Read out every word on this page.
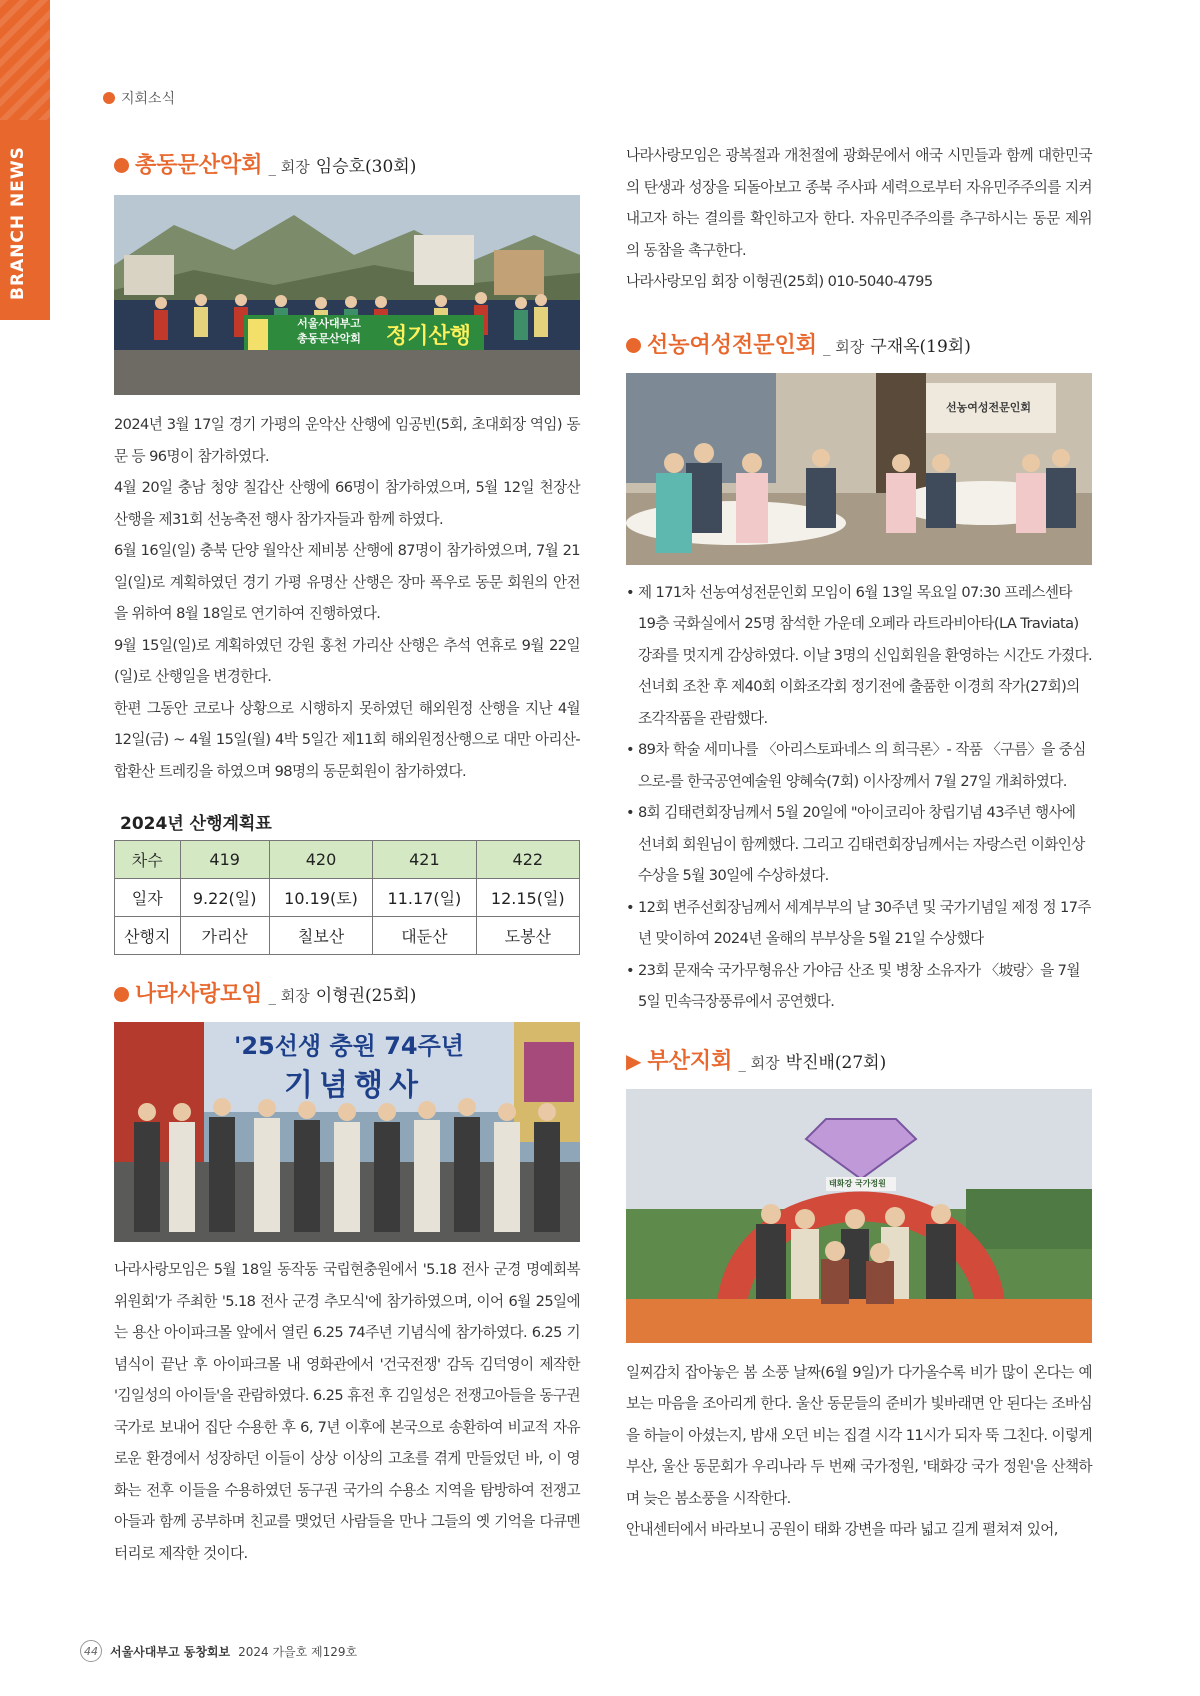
BRANCH NEWS
지회소식
총동문산악회 _ 회장 임승호(30회)
서울사대부고
총동문산악회	정기산행

2024년 3월 17일 경기 가평의 운악산 산행에 임공빈(5회, 초대회장 역임) 동문 등 96명이 참가하였다.

4월 20일 충남 청양 칠갑산 산행에 66명이 참가하였으며, 5월 12일 천장산 산행을 제31회 선농축전 행사 참가자들과 함께 하였다.

6월 16일(일) 충북 단양 월악산 제비봉 산행에 87명이 참가하였으며, 7월 21일(일)로 계획하였던 경기 가평 유명산 산행은 장마 폭우로 동문 회원의 안전을 위하여 8월 18일로 연기하여 진행하였다.

9월 15일(일)로 계획하였던 강원 홍천 가리산 산행은 추석 연휴로 9월 22일(일)로 산행일을 변경한다.

한편 그동안 코로나 상황으로 시행하지 못하였던 해외원정 산행을 지난 4월 12일(금) ~ 4월 15일(월) 4박 5일간 제11회 해외원정산행으로 대만 아리산-합환산 트레킹을 하였으며 98명의 동문회원이 참가하였다.

2024년 산행계획표
차수	419	420	421	422
일자	9.22(일)	10.19(토)	11.17(일)	12.15(일)
산행지	가리산	칠보산	대둔산	도봉산
나라사랑모임 _ 회장 이형권(25회)
'25선생 충원 74주년
기념행사

나라사랑모임은 5월 18일 동작동 국립현충원에서 '5.18 전사 군경 명예회복위원회'가 주최한 '5.18 전사 군경 추모식'에 참가하였으며, 이어 6월 25일에는 용산 아이파크몰 앞에서 열린 6.25 74주년 기념식에 참가하였다. 6.25 기념식이 끝난 후 아이파크몰 내 영화관에서 '건국전쟁' 감독 김덕영이 제작한 '김일성의 아이들'을 관람하였다. 6.25 휴전 후 김일성은 전쟁고아들을 동구권 국가로 보내어 집단 수용한 후 6, 7년 이후에 본국으로 송환하여 비교적 자유로운 환경에서 성장하던 이들이 상상 이상의 고초를 겪게 만들었던 바, 이 영화는 전후 이들을 수용하였던 동구권 국가의 수용소 지역을 탐방하여 전쟁고아들과 함께 공부하며 친교를 맺었던 사람들을 만나 그들의 옛 기억을 다큐멘터리로 제작한 것이다.

나라사랑모임은 광복절과 개천절에 광화문에서 애국 시민들과 함께 대한민국의 탄생과 성장을 되돌아보고 종북 주사파 세력으로부터 자유민주주의를 지켜내고자 하는 결의를 확인하고자 한다. 자유민주주의를 추구하시는 동문 제위의 동참을 촉구한다.

나라사랑모임 회장 이형권(25회) 010-5040-4795

선농여성전문인회 _ 회장 구재옥(19회)
선농여성전문인회
• 제 171차 선농여성전문인회 모임이 6월 13일 목요일 07:30 프레스센타 19층 국화실에서 25명 참석한 가운데 오페라 라트라비아타(LA Traviata) 강좌를 멋지게 감상하였다. 이날 3명의 신입회원을 환영하는 시간도 가졌다. 선녀회 조찬 후 제40회 이화조각회 정기전에 출품한 이경희 작가(27회)의 조각작품을 관람했다.
• 89차 학술 세미나를 〈아리스토파네스 의 희극론〉- 작품 〈구름〉을 중심으로-를 한국공연예술원 양혜숙(7회) 이사장께서 7월 27일 개최하였다.
• 8회 김태련회장님께서 5월 20일에 "아이코리아 창립기념 43주년 행사에 선녀회 회원님이 함께했다. 그리고 김태련회장님께서는 자랑스런 이화인상 수상을 5월 30일에 수상하셨다.
• 12회 변주선회장님께서 세계부부의 날 30주년 및 국가기념일 제정 정 17주년 맞이하여 2024년 올해의 부부상을 5월 21일 수상했다
• 23회 문재숙 국가무형유산 가야금 산조 및 병창 소유자가 〈坡랑〉을 7월 5일 민속극장풍류에서 공연했다.
▶ 부산지회 _ 회장 박진배(27회)
태화강 국가정원

일찌감치 잡아놓은 봄 소풍 날짜(6월 9일)가 다가올수록 비가 많이 온다는 예보는 마음을 조아리게 한다. 울산 동문들의 준비가 빛바래면 안 된다는 조바심을 하늘이 아셨는지, 밤새 오던 비는 집결 시각 11시가 되자 뚝 그친다. 이렇게 부산, 울산 동문회가 우리나라 두 번째 국가정원, '태화강 국가 정원'을 산책하며 늦은 봄소풍을 시작한다.

안내센터에서 바라보니 공원이 태화 강변을 따라 넓고 길게 펼쳐져 있어,

44	서울사대부고 동창회보 2024 가을호 제129호
